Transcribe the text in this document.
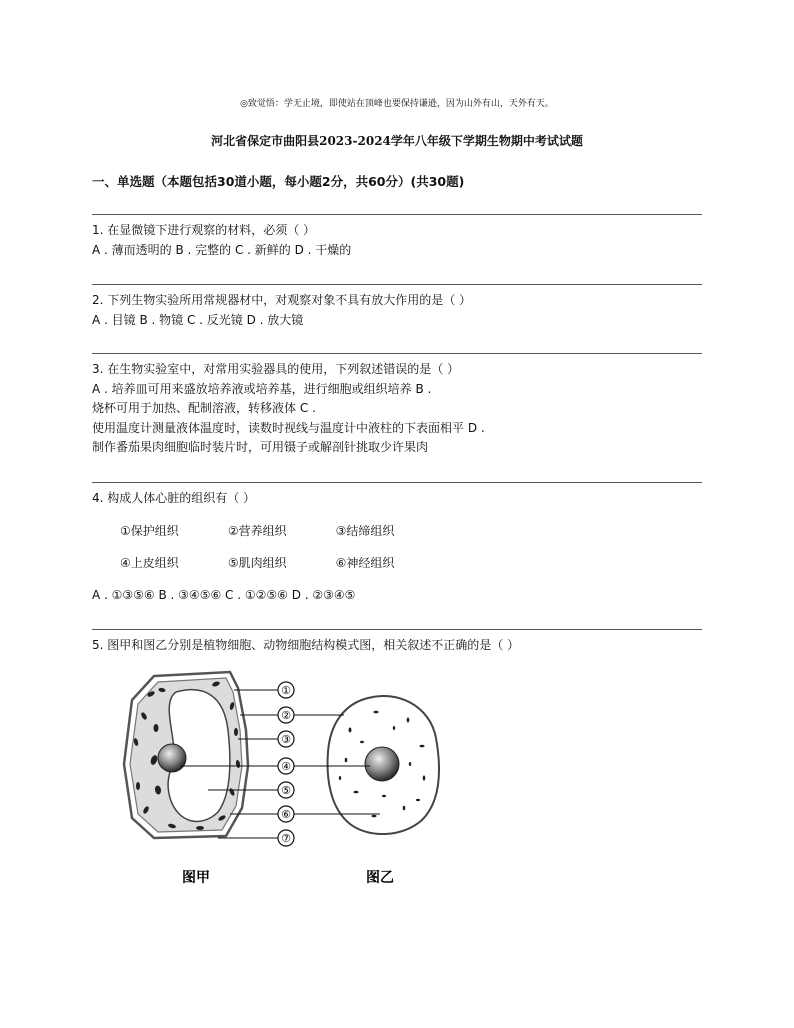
◎致觉悟：学无止境，即使站在顶峰也要保持谦逊，因为山外有山，天外有天。
河北省保定市曲阳县2023-2024学年八年级下学期生物期中考试试题
一、单选题（本题包括30道小题，每小题2分，共60分）(共30题)

1. 在显微镜下进行观察的材料，必须（ ）

A . 薄而透明的 B . 完整的 C . 新鲜的 D . 干燥的

2. 下列生物实验所用常规器材中，对观察对象不具有放大作用的是（ ）

A . 目镜 B . 物镜 C . 反光镜 D . 放大镜

3. 在生物实验室中，对常用实验器具的使用，下列叙述错误的是（ ）

A . 培养皿可用来盛放培养液或培养基，进行细胞或组织培养 B .

烧杯可用于加热、配制溶液，转移液体 C .

使用温度计测量液体温度时，读数时视线与温度计中液柱的下表面相平 D .

制作番茄果肉细胞临时装片时，可用镊子或解剖针挑取少许果肉

4. 构成人体心脏的组织有（ ）

①保护组织	②营养组织	③结缔组织
④上皮组织	⑤肌肉组织	⑥神经组织

A . ①③⑤⑥ B . ③④⑤⑥ C . ①②⑤⑥ D . ②③④⑤

5. 图甲和图乙分别是植物细胞、动物细胞结构模式图，相关叙述不正确的是（ ）

①
②
③
④
⑤
⑥
⑦
图甲	图乙
